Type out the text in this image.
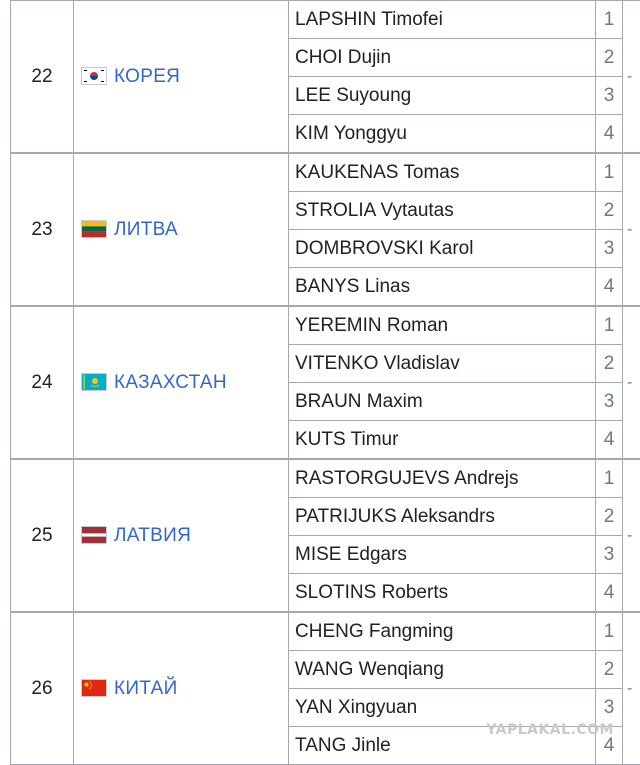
22	КОРЕЯ	LAPSHIN Timofei	1	-
		CHOI Dujin	2	
		LEE Suyoung	3	
		KIM Yonggyu	4	
23	ЛИТВА	KAUKENAS Tomas	1	-
		STROLIA Vytautas	2	
		DOMBROVSKI Karol	3	
		BANYS Linas	4	
24	КАЗАХСТАН	YEREMIN Roman	1	-
		VITENKO Vladislav	2	
		BRAUN Maxim	3	
		KUTS Timur	4	
25	ЛАТВИЯ	RASTORGUJEVS Andrejs	1	-
		PATRIJUKS Aleksandrs	2	
		MISE Edgars	3	
		SLOTINS Roberts	4	
26	КИТАЙ	CHENG Fangming	1	-
		WANG Wenqiang	2	
		YAN Xingyuan	3	
		TANG Jinle	4	
YAPLAKAL.COM
